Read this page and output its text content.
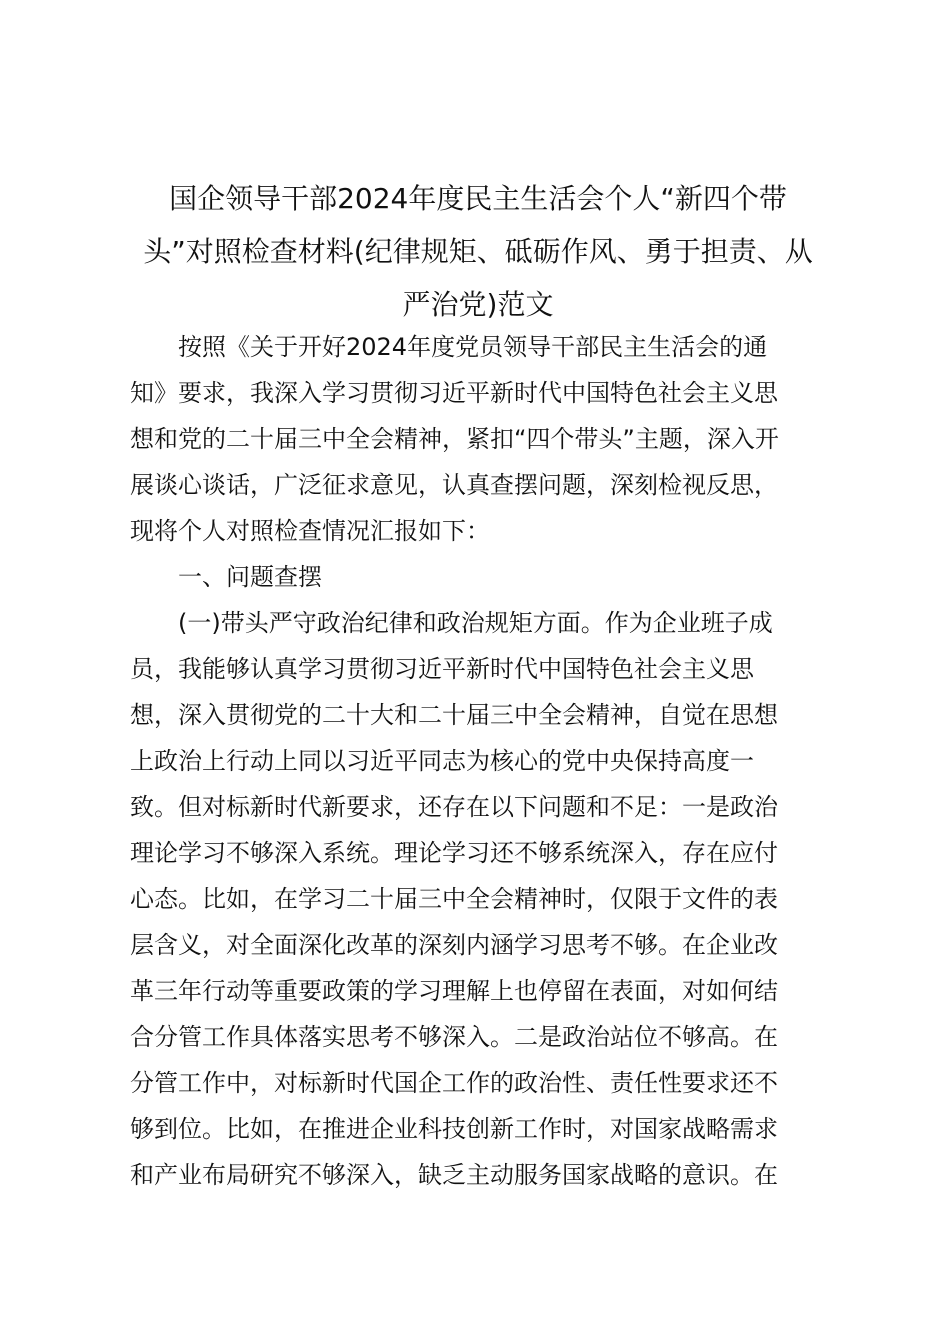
国企领导干部2024年度民主生活会个人“新四个带
头”对照检查材料(纪律规矩、砥砺作风、勇于担责、从
严治党)范文
按照《关于开好2024年度党员领导干部民主生活会的通
知》要求，我深入学习贯彻习近平新时代中国特色社会主义思
想和党的二十届三中全会精神，紧扣“四个带头”主题，深入开
展谈心谈话，广泛征求意见，认真查摆问题，深刻检视反思，
现将个人对照检查情况汇报如下：
一、问题查摆
(一)带头严守政治纪律和政治规矩方面。作为企业班子成
员，我能够认真学习贯彻习近平新时代中国特色社会主义思
想，深入贯彻党的二十大和二十届三中全会精神，自觉在思想
上政治上行动上同以习近平同志为核心的党中央保持高度一
致。但对标新时代新要求，还存在以下问题和不足：一是政治
理论学习不够深入系统。理论学习还不够系统深入，存在应付
心态。比如，在学习二十届三中全会精神时，仅限于文件的表
层含义，对全面深化改革的深刻内涵学习思考不够。在企业改
革三年行动等重要政策的学习理解上也停留在表面，对如何结
合分管工作具体落实思考不够深入。二是政治站位不够高。在
分管工作中，对标新时代国企工作的政治性、责任性要求还不
够到位。比如，在推进企业科技创新工作时，对国家战略需求
和产业布局研究不够深入，缺乏主动服务国家战略的意识。在
